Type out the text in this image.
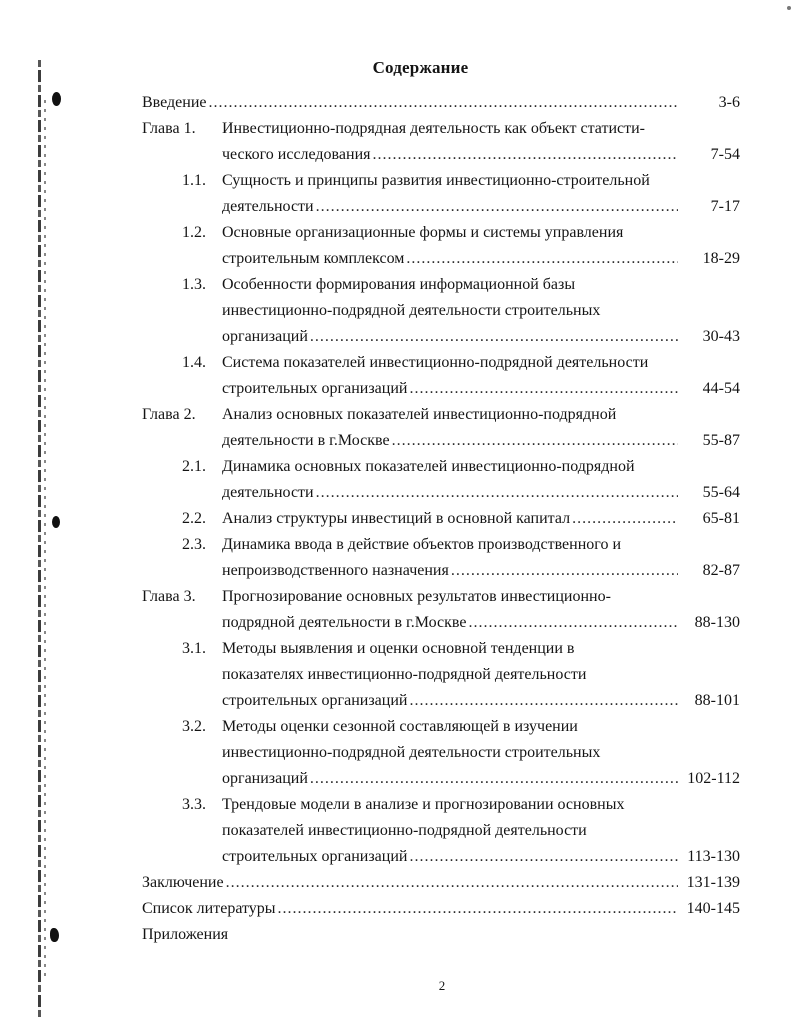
Содержание
Введение .....	3-6
Глава 1.	Инвестиционно-подрядная деятельность как объект статисти-
ческого исследования .....	7-54
1.1.	Сущность и принципы развития инвестиционно-строительной
деятельности .....	7-17
1.2.	Основные организационные формы и системы управления
строительным комплексом .....	18-29
1.3.	Особенности формирования информационной базы
инвестиционно-подрядной деятельности строительных
организаций .....	30-43
1.4.	Система показателей инвестиционно-подрядной деятельности
строительных организаций .....	44-54
Глава 2.	Анализ основных показателей инвестиционно-подрядной
деятельности в г.Москве .....	55-87
2.1.	Динамика основных показателей инвестиционно-подрядной
деятельности .....	55-64
2.2.	Анализ структуры инвестиций в основной капитал .....	65-81
2.3.	Динамика ввода в действие объектов производственного и
непроизводственного назначения .....	82-87
Глава 3.	Прогнозирование основных результатов инвестиционно-
подрядной деятельности в г.Москве .....	88-130
3.1.	Методы выявления и оценки основной тенденции в
показателях инвестиционно-подрядной деятельности
строительных организаций .....	88-101
3.2.	Методы оценки сезонной составляющей в изучении
инвестиционно-подрядной деятельности строительных
организаций .....	102-112
3.3.	Трендовые модели в анализе и прогнозировании основных
показателей инвестиционно-подрядной деятельности
строительных организаций .....	113-130
Заключение .....	131-139
Список литературы .....	140-145
Приложения
2
